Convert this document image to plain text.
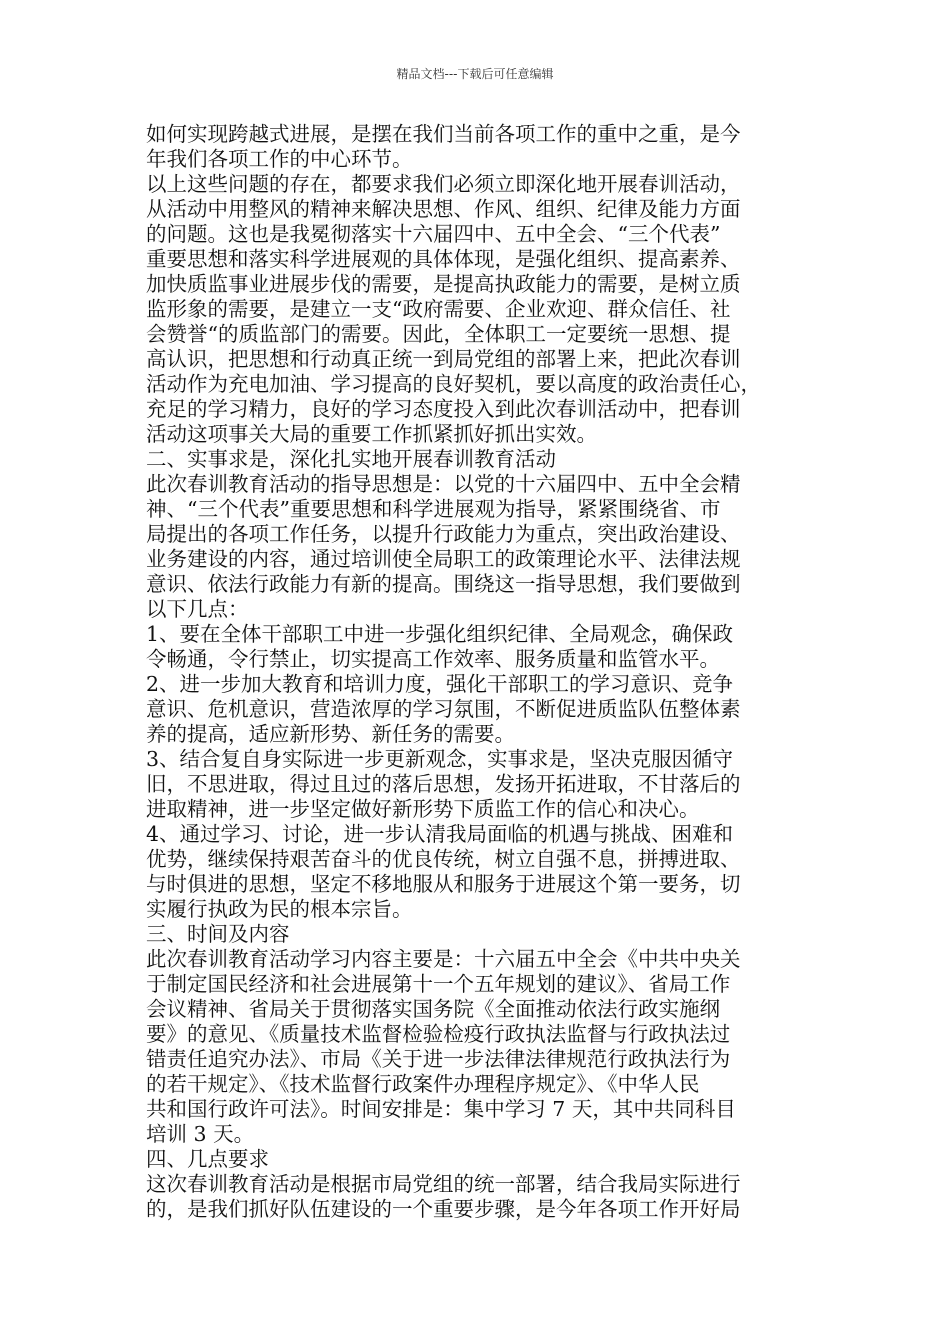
精品文档---下载后可任意编辑
如何实现跨越式进展，是摆在我们当前各项工作的重中之重，是今
年我们各项工作的中心环节。
以上这些问题的存在，都要求我们必须立即深化地开展春训活动，
从活动中用整风的精神来解决思想、作风、组织、纪律及能力方面
的问题。这也是我冕彻落实十六届四中、五中全会、“三个代表”
重要思想和落实科学进展观的具体体现，是强化组织、提高素养、
加快质监事业进展步伐的需要，是提高执政能力的需要，是树立质
监形象的需要，是建立一支“政府需要、企业欢迎、群众信任、社
会赞誉“的质监部门的需要。因此，全体职工一定要统一思想、提
高认识，把思想和行动真正统一到局党组的部署上来，把此次春训
活动作为充电加油、学习提高的良好契机，要以高度的政治责任心，
充足的学习精力，良好的学习态度投入到此次春训活动中，把春训
活动这项事关大局的重要工作抓紧抓好抓出实效。
二、实事求是，深化扎实地开展春训教育活动
此次春训教育活动的指导思想是：以党的十六届四中、五中全会精
神、“三个代表”重要思想和科学进展观为指导，紧紧围绕省、市
局提出的各项工作任务，以提升行政能力为重点，突出政治建设、
业务建设的内容，通过培训使全局职工的政策理论水平、法律法规
意识、依法行政能力有新的提高。围绕这一指导思想，我们要做到
以下几点：
1、要在全体干部职工中进一步强化组织纪律、全局观念，确保政
令畅通，令行禁止，切实提高工作效率、服务质量和监管水平。
2、进一步加大教育和培训力度，强化干部职工的学习意识、竞争
意识、危机意识，营造浓厚的学习氛围，不断促进质监队伍整体素
养的提高，适应新形势、新任务的需要。
3、结合复自身实际进一步更新观念，实事求是，坚决克服因循守
旧，不思进取，得过且过的落后思想，发扬开拓进取，不甘落后的
进取精神，进一步坚定做好新形势下质监工作的信心和决心。
4、通过学习、讨论，进一步认清我局面临的机遇与挑战、困难和
优势，继续保持艰苦奋斗的优良传统，树立自强不息，拼搏进取、
与时俱进的思想，坚定不移地服从和服务于进展这个第一要务，切
实履行执政为民的根本宗旨。
三、时间及内容
此次春训教育活动学习内容主要是：十六届五中全会《中共中央关
于制定国民经济和社会进展第十一个五年规划的建议》、省局工作
会议精神、省局关于贯彻落实国务院《全面推动依法行政实施纲
要》的意见、《质量技术监督检验检疫行政执法监督与行政执法过
错责任追究办法》、市局《关于进一步法律法律规范行政执法行为
的若干规定》、《技术监督行政案件办理程序规定》、《中华人民
共和国行政许可法》。时间安排是：集中学习 7 天，其中共同科目
培训 3 天。
四、几点要求
这次春训教育活动是根据市局党组的统一部署，结合我局实际进行
的，是我们抓好队伍建设的一个重要步骤，是今年各项工作开好局
